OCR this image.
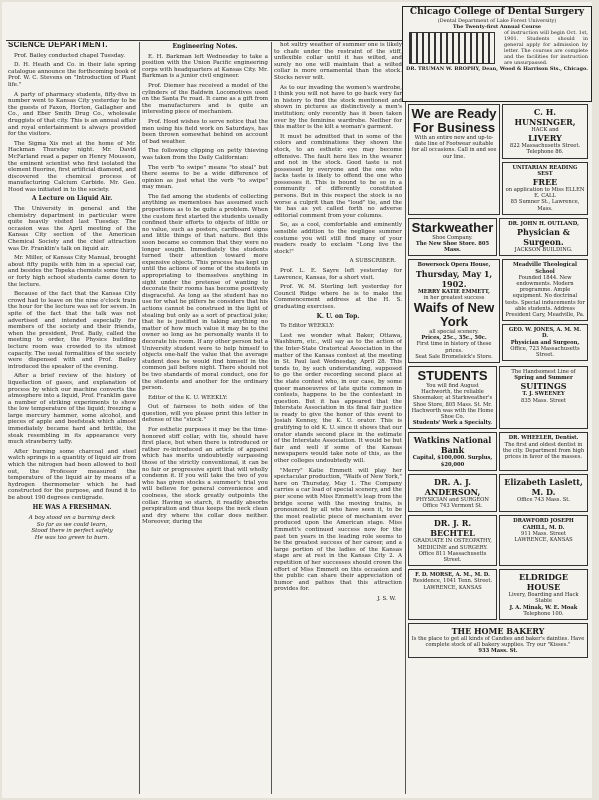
SCIENCE DEPARTMENT.

Prof. Bailey conducted chapel Tuesday.

D. H. Heath and Co. in their late spring catalogue announce the forthcoming book of Prof. W. C. Stevens on "Introduction of Plant life."

A party of pharmacy students, fifty-five in number went to Kansas City yesterday to be the guests of Faxon, Horton, Gallagher and Co., and Eber Smith Drug Co., wholesale druggists of that city. This is an annual affair and royal entertainment is always provided for the visitors.

The Sigma Xis met at the home of Mr. Hackman Thursday night. Mr. David McFarland read a paper on Henry Mousson, the eminent scientist who first isolated the element fluorine, first artificial diamond, and discovered the chemical process of manufacturing Calcium Carbide. Mr. Geo. Hood was initiated in to the society.

A Lecture on Liquid Air.

The University in general and the chemistry department in particular were quite heavily visited last Tuesday. The occasion was the April meeting of the Kansas City section of the American Chemical Society and the chief attraction was Dr. Franklin's talk on liquid air.

Mr. Miller, of Kansas City Manual, brought about fifty pupils with him in a special car, and besides the Topeka chemists some thirty or forty high school students came down to the lecture.

Because of the fact that the Kansas City crowd had to leave on the nine o'clock train the hour for the lecture was set for seven. In spite of the fact that the talk was not advertised and intended especially for members of the society and their friends, when the president, Prof. Baily, called the meeting to order, the Physics building lecture room was crowded to its utmost capacity. The usual formalities of the society were dispensed with and Prof. Bailey introduced the speaker of the evening.

After a brief review of the history of liquefaction of gases, and explanation of process by which our machine converts the atmosphere into a liquid, Prof. Franklin gave a number of striking experiments to show the low temperature of the liquid; freezing a large mercury hammer, some alcohol, and pieces of apple and beefsteak which almost immediately became hard and brittle, the steak resembling in its appearance very much strawberry taffy.

After burning some charcoal and steel watch springs in a quantity of liquid air from which the nitrogen had been allowed to boil out, the Professor measured the temperature of the liquid air by means of a hydrogen thermometer which he had constructed for the purpose, and found it to be about 190 degrees centigrade.

HE WAS A FRESHMAN.
A boy stood on a burning deck
So far as we could learn,
Stood there in perfect safety
He was too green to burn.
Engineering Notes.

E. H. Barkman left Wednesday to take a position with the Union Pacific engineering corps with headquarters at Kansas City. Mr. Barkman is a junior civil engineer.

Prof. Diemer has received a model of the cylinders of the Baldwin Locomotives used on the Santa Fe road. It came as a gift from the manufacturers and is quite an interesting piece of mechanism.

Prof. Hood wishes to serve notice that the men using his field work on Saturdays, has been thrown somewhat behind on account of bad weather.

The following clipping on petty thieving was taken from the Daily Californian:

The verb "to swipe" means "to steal" but there seems to be a wide difference of opinion as just what the verb "to swipe" may mean.

The fad among the students of collecting anything as mementoes has assumed such proportions as to be quite a problem. When the custom first started the students usually confined their efforts to objects of little or no value, such as posters, cardboard signs and little things of that nature. But this soon became so common that they were no longer sought. Immediately the students turned their attention toward more expensive objects. This process has kept up until the actions of some of the students in appropriating to themselves anything in sight under the pretense of wanting to decorate their rooms has become positively disgraceful. As long as the student has no use for what he pilfers he considers that his actions cannot be construed in the light of stealing but only as a sort of practical joke; that he is justified in taking anything no matter of how much value it may be to the owner so long as he personally wants it to decorate his room. If any other person but a University student were to help himself to objects one-half the value that the average student does he would find himself in the common jail before night. There should not be two standards of moral conduct, one for the students and another for the ordinary person.

Editor of the K. U. WEEKLY:

Out of fairness to both sides of the question, will you please print this letter in defense of the "stock."

For esthetic purposes it may be the time-honored stiff collar, with tie, should have first place, but when there is introduced or rather re-introduced an article of apparel which has merits undoubtedly surpassing those of the strictly conventional, it can be no fair or progressive spirit that will wholly condemn it. If you will take the two of you who has given stocks a summer's trial you will believe for general convenience and coolness, the stock greatly outpoints the collar. Having so starch, it readily absorbs perspiration and thus keeps the neck clean and dry where the collar does neither. Moreover, during the

hot sultry weather of summer one is likely to chafe under the restraint of the stiff, unflexible collar until it has wilted, and surely no one will maintain that a wilted collar is more ornamental than the stock. Stocks never wilt.

As to our invading the women's wardrobe, I think you will not have to go back very far in history to find the stock mentioned and shown in pictures as distinctively a men's institution; only recently has it been taken over by the feminine wardrobe. Neither for this matter is the kilt a woman's garment.

It must be admitted that in some of the colors and combinations they shown the stock, to an esthetic eye may become offensive. The fault here lies in the wearer and not in the stock. Good taste is not possessed by everyone and the one who lacks taste is likely to offend the one who possesses it. This is bound to be so in a community of differently constituted persons. But in this respect the stock is no worse a culprit than the "loud" tie, and the tie has as yet called forth no adverse editorial comment from your columns.

So, as a cool, comfortable and eminently sensible addition to the negligee summer costume you will still find many of your readers ready to exclaim "Long live the stock!"

A SUBSCRIBER.

Prof. L. E. Sayre left yesterday for Lawrence, Kansas, for a short visit.

Prof. W. M. Sterling left yesterday for Council Ridge where he is to make the Commencement address at the H. S. graduating exercises.

K. U. on Top.

To Editor WEEKLY:

Lest we wonder what Baker, Ottawa, Washburn, etc., will say as to the action of the Inter-State Oratorical Association in the matter of the Kansas contest at the meeting in St. Paul last Wednesday, April 28. This tends to, by such understanding, supposed to go the order recording second place at the state contest who, in our case, by some queer manoeuvres of late quite common in contests, happens to be the contestant in question. But it has appeared that the Interstate Association in its final fair justice is ready to give the honor of this event to Josiah Kenney, the K. U. orator. This is gratifying to old K. U. since it shows that our orator stands second place in the estimate of the Interstate Association. It would be but fair and well if some of the Kansas newspapers would take note of this, as the other colleges undoubtedly will.

"Merry" Katie Emmett will play her spectacular production, "Waifs of New York," here on Thursday, May 1. The Company carries a car load of special scenery, and the pier scene with Miss Emmett's leap from the bridge scene with the moving trains, is pronounced by all who have seen it, to be the most realistic piece of mechanism ever produced upon the American stage. Miss Emmett's continued success now for the past ten years in the leading role seems to be the greatest success of her career, and a large portion of the ladies of the Kansas stage are at rest in the Kansas City 2. A repetition of her successes should crown the effort of Miss Emmett on this occasion and the public can share their appreciation of humor and pathos that this attraction provides for.

J. S. W.
Chicago College of Dental Surgery
(Dental Department of Lake Forest University)
The Twenty-first Annual Course
of instruction will begin Oct. 1st, 1901. Students should in general apply for admission by letter. The courses are complete and the facilities for instruction are unsurpassed.
DR. TRUMAN W. BROPHY, Dean, Wood & Harrison Sts., Chicago.
We are Ready
For Business
With an entire new and up-to-date line of Footwear suitable for all occasions. Call in and see our line.
C. H. HUNSINGER,
HACK and
LIVERY
822 Massachusetts Street.
Telephone 86.
UNITARIAN READING SEST
FREE
on application to Miss ELLEN E. CALL
85 Sumner St., Lawrence, Mass.
Starkweather
Shoe Company.
The New Shoe Store. 805 Mass.
DR. JOHN H. OUTLAND,
Physician & Surgeon.
JACKSON BUILDING.
Bowersock Opera House,
Thursday, May 1, 1902.
MERRY KATIE EMMETT,
in her greatest success
Waifs of New York
all special scenery.
Prices, 25c., 35c., 50c.
First time in history of these prices.
Seat Sale Bromelsick's Store.
Meadville Theological School
Founded 1844. New endowments. Modern programme. Ample equipment. No doctrinal tests. Special inducements for able students. Address President Cary, Meadville, Pa.
GEO. W. JONES, A. M. M. D.
Physician and Surgeon,
Office, 723 Massachusetts Street.
STUDENTS
You will find August Hachworth, the reliable Shoemaker, at Starkweather's Shoe Store, 805 Mass. St. Mr. Hachworth was with the Home Shoe Co.
Students' Work a Specialty.
The Handsomest Line of
Spring and Summer
SUITINGS
T. J. SWEENEY
835 Mass. Street
Watkins National Bank
Capital, $100,000. Surplus, $20,000
DR. WHEELER, Dentist.
The first and oldest dentist in the city. Department from high prices in favor of the masses.
DR. A. J. ANDERSON,
PHYSICIAN and SURGEON
Office 743 Vermont St.
Elizabeth Laslett, M. D.
Office 743 Mass. St.
DR. J. R. BECHTEL
GRADUATE IN OSTEOPATHY, MEDICINE and SURGERY.
Office 811 Massachusetts Street.
DRAWFORD JOSEPH CAHILL, M. D.
911 Mass. Street
LAWRENCE, KANSAS
F. D. MORSE, A. M., M. D.
Residence, 1041 Tenn. Street.
LAWRENCE, KANSAS
ELDRIDGE HOUSE
Livery, Boarding and Hack Stable
J. A. Minak, W. E. Moak
Telephone 100.
THE HOME BAKERY
Is the place to get all kinds of Candies and baker's dainties. Have complete stock of all bakery supplies. Try our "Kisses."
933 Mass. St.
